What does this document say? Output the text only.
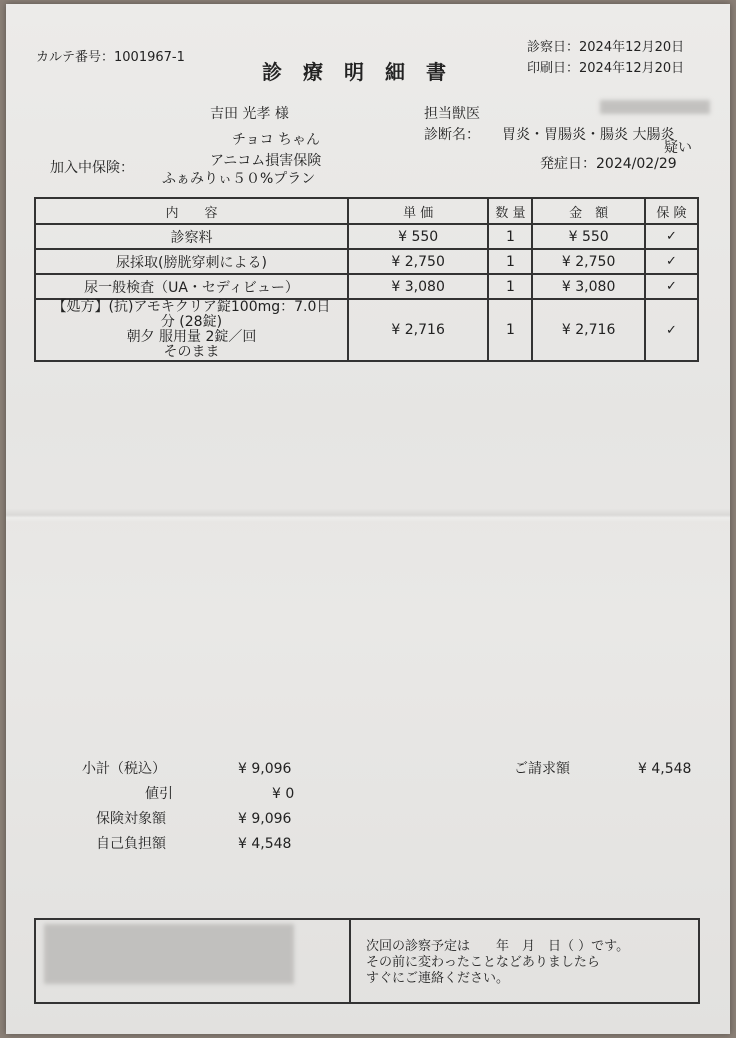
カルテ番号：1001967-1
診療明細書
診察日：2024年12月20日
印刷日：2024年12月20日
吉田 光孝 様
チョコ ちゃん
加入中保険：	アニコム損害保険
ふぁみりぃ５０%プラン
担当獣医
診断名： 胃炎・胃腸炎・腸炎 大腸炎
疑い
発症日：2024/02/29
内　　容	単 価	数 量	金　額	保 険
診察料	¥ 550	1	¥ 550	✓
尿採取(膀胱穿刺による)	¥ 2,750	1	¥ 2,750	✓
尿一般検査（UA・セディビュー）	¥ 3,080	1	¥ 3,080	✓

【処方】(抗)アモキクリア錠100mg：7.0日
分 (28錠)
朝夕 服用量 2錠／回
そのまま	¥ 2,716	1	¥ 2,716	✓
小計（税込）	¥ 9,096
値引	¥ 0
保険対象額	¥ 9,096
自己負担額	¥ 4,548
ご請求額	¥ 4,548
次回の診察予定は　　年　月　日（ ）です。
その前に変わったことなどありましたら
すぐにご連絡ください。
